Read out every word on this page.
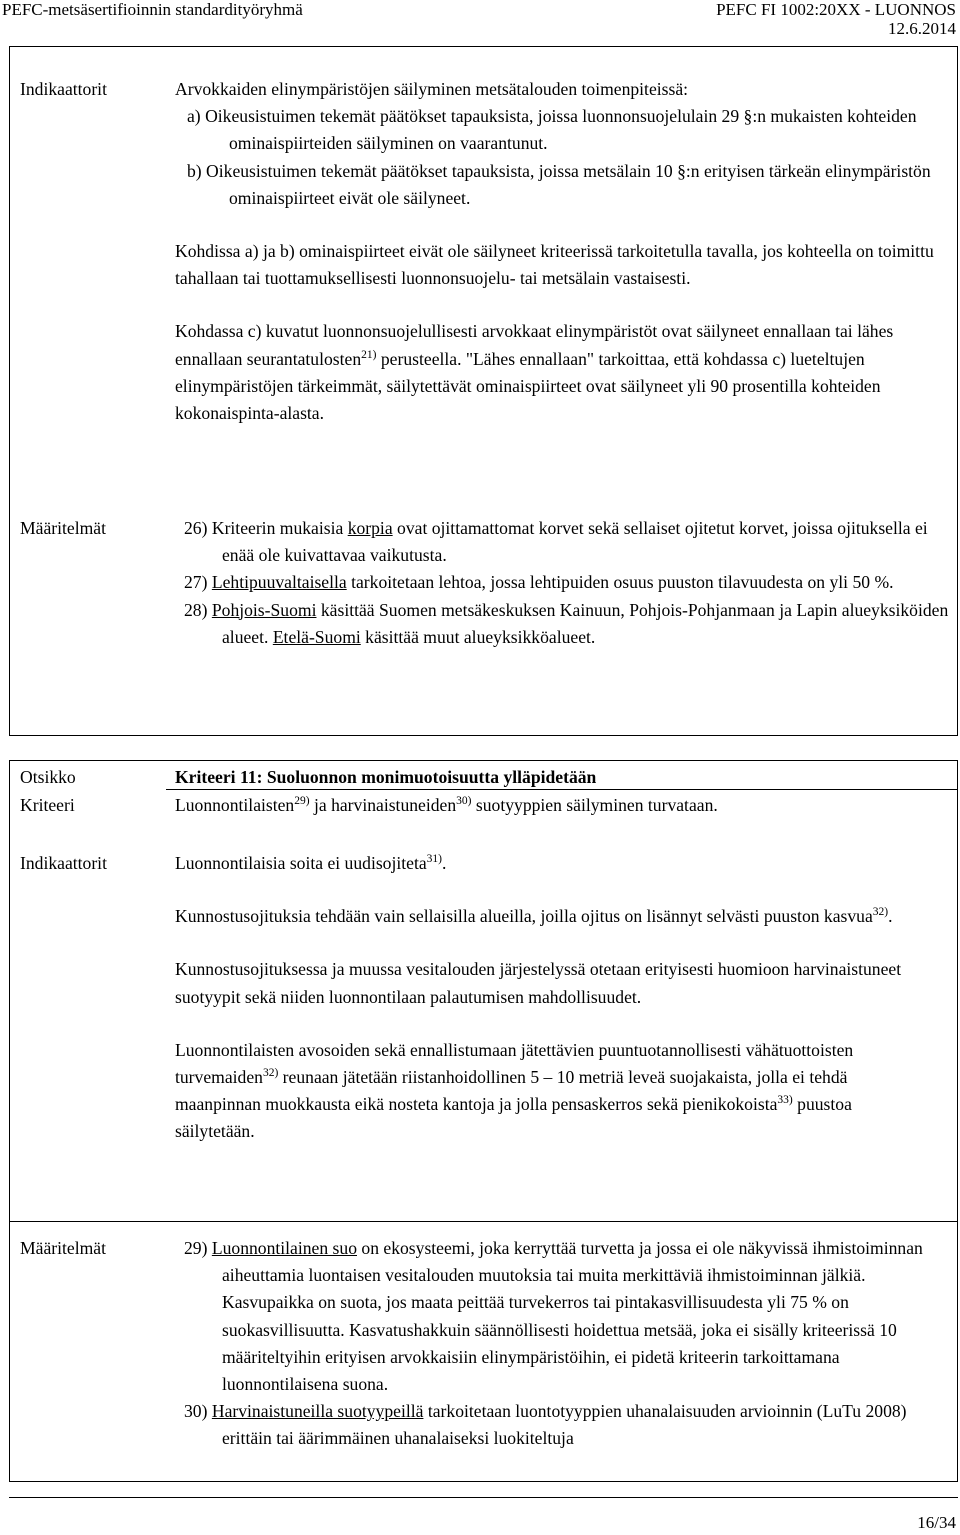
PEFC-metsäsertifioinnin standardityöryhmä	PEFC FI 1002:20XX - LUONNOS
12.6.2014
Indikaattorit	Arvokkaiden elinympäristöjen säilyminen metsätalouden toimenpiteissä:

a) Oikeusistuimen tekemät päätökset tapauksista, joissa luonnonsuojelulain 29 §:n mukaisten kohteiden ominaispiirteiden säilyminen on vaarantunut.

b) Oikeusistuimen tekemät päätökset tapauksista, joissa metsälain 10 §:n erityisen tärkeän elinympäristön ominaispiirteet eivät ole säilyneet.

Kohdissa a) ja b) ominaispiirteet eivät ole säilyneet kriteerissä tarkoitetulla tavalla, jos kohteella on toimittu tahallaan tai tuottamuksellisesti luonnonsuojelu- tai metsälain vastaisesti.

Kohdassa c) kuvatut luonnonsuojelullisesti arvokkaat elinympäristöt ovat säilyneet ennallaan tai lähes ennallaan seurantatulosten$^{21)}$ perusteella. "Lähes ennallaan" tarkoittaa, että kohdassa c) lueteltujen elinympäristöjen tärkeimmät, säilytettävät ominaispiirteet ovat säilyneet yli 90 prosentilla kohteiden kokonaispinta-alasta.

Määritelmät	26) Kriteerin mukaisia korpia ovat ojittamattomat korvet sekä sellaiset ojitetut korvet, joissa ojituksella ei enää ole kuivattavaa vaikutusta.

27) Lehtipuuvaltaisella tarkoitetaan lehtoa, jossa lehtipuiden osuus puuston tilavuudesta on yli 50 %.

28) Pohjois-Suomi käsittää Suomen metsäkeskuksen Kainuun, Pohjois-Pohjanmaan ja Lapin alueyksiköiden alueet. Etelä-Suomi käsittää muut alueyksikköalueet.

Otsikko	Kriteeri 11: Suoluonnon monimuotoisuutta ylläpidetään
Kriteeri	Luonnontilaisten$^{29)}$ ja harvinaistuneiden$^{30)}$ suotyyppien säilyminen turvataan.
Indikaattorit	Luonnontilaisia soita ei uudisojiteta$^{31)}$.

Kunnostusojituksia tehdään vain sellaisilla alueilla, joilla ojitus on lisännyt selvästi puuston kasvua$^{32)}$.

Kunnostusojituksessa ja muussa vesitalouden järjestelyssä otetaan erityisesti huomioon harvinaistuneet suotyypit sekä niiden luonnontilaan palautumisen mahdollisuudet.

Luonnontilaisten avosoiden sekä ennallistumaan jätettävien puuntuotannollisesti vähätuottoisten turvemaiden$^{32)}$ reunaan jätetään riistanhoidollinen 5 – 10 metriä leveä suojakaista, jolla ei tehdä maanpinnan muokkausta eikä nosteta kantoja ja jolla pensaskerros sekä pienikokoista$^{33)}$ puustoa säilytetään.

Määritelmät	29) Luonnontilainen suo on ekosysteemi, joka kerryttää turvetta ja jossa ei ole näkyvissä ihmistoiminnan aiheuttamia luontaisen vesitalouden muutoksia tai muita merkittäviä ihmistoiminnan jälkiä. Kasvupaikka on suota, jos maata peittää turvekerros tai pintakasvillisuudesta yli 75 % on suokasvillisuutta. Kasvatushakkuin säännöllisesti hoidettua metsää, joka ei sisälly kriteerissä 10 määriteltyihin erityisen arvokkaisiin elinympäristöihin, ei pidetä kriteerin tarkoittamana luonnontilaisena suona.

30) Harvinaistuneilla suotyypeillä tarkoitetaan luontotyyppien uhanalaisuuden arvioinnin (LuTu 2008) erittäin tai äärimmäinen uhanalaiseksi luokiteltuja

16/34
